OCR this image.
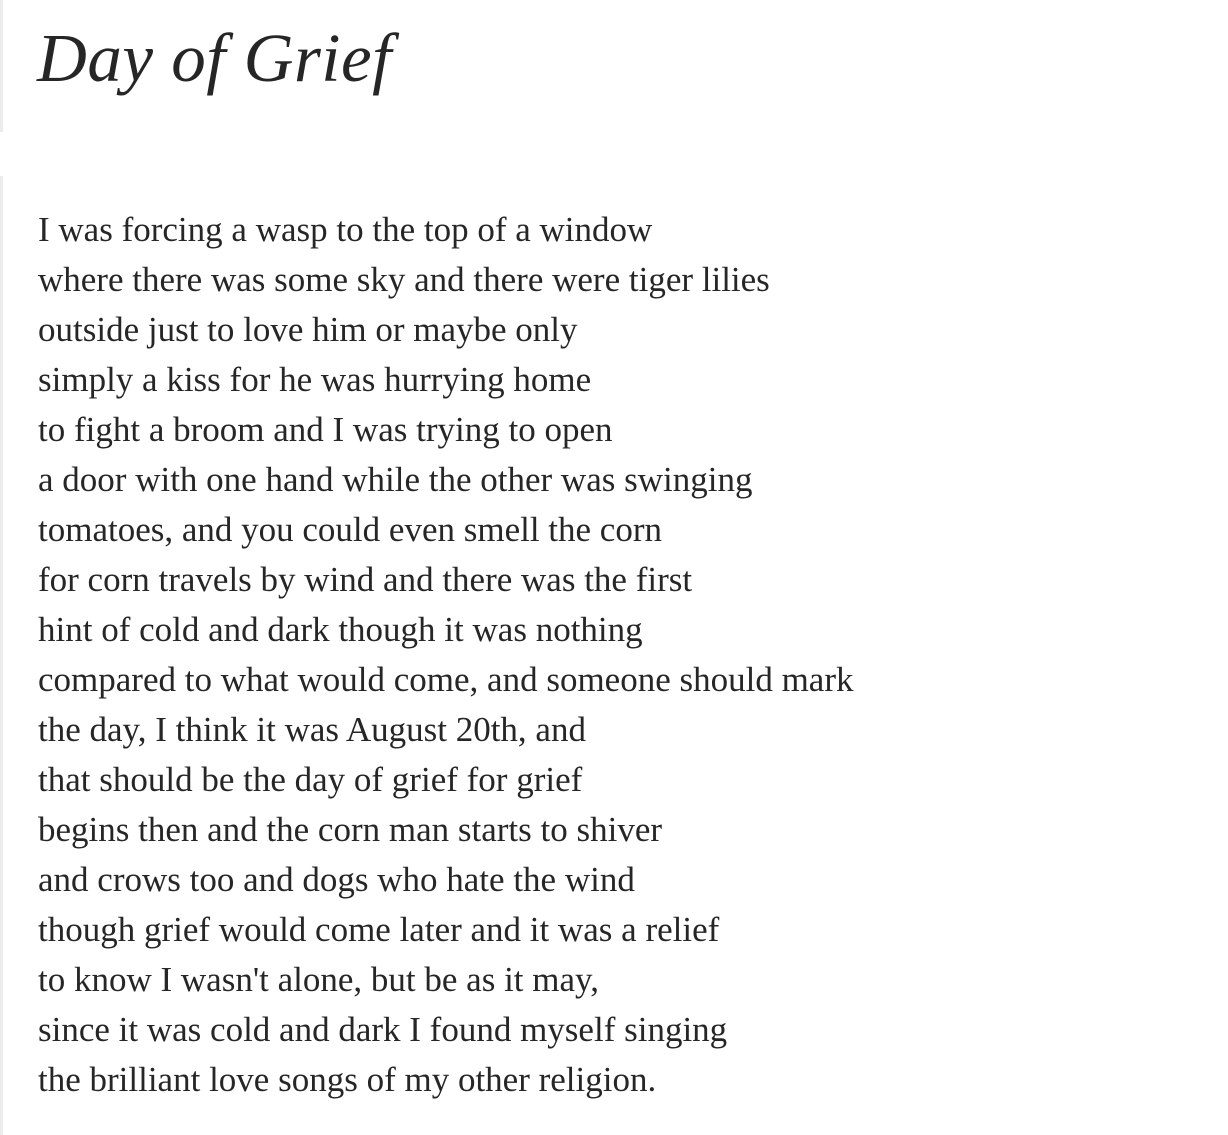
Day of Grief
I was forcing a wasp to the top of a window
where there was some sky and there were tiger lilies
outside just to love him or maybe only
simply a kiss for he was hurrying home
to fight a broom and I was trying to open
a door with one hand while the other was swinging
tomatoes, and you could even smell the corn
for corn travels by wind and there was the first
hint of cold and dark though it was nothing
compared to what would come, and someone should mark
the day, I think it was August 20th, and
that should be the day of grief for grief
begins then and the corn man starts to shiver
and crows too and dogs who hate the wind
though grief would come later and it was a relief
to know I wasn't alone, but be as it may,
since it was cold and dark I found myself singing
the brilliant love songs of my other religion.
